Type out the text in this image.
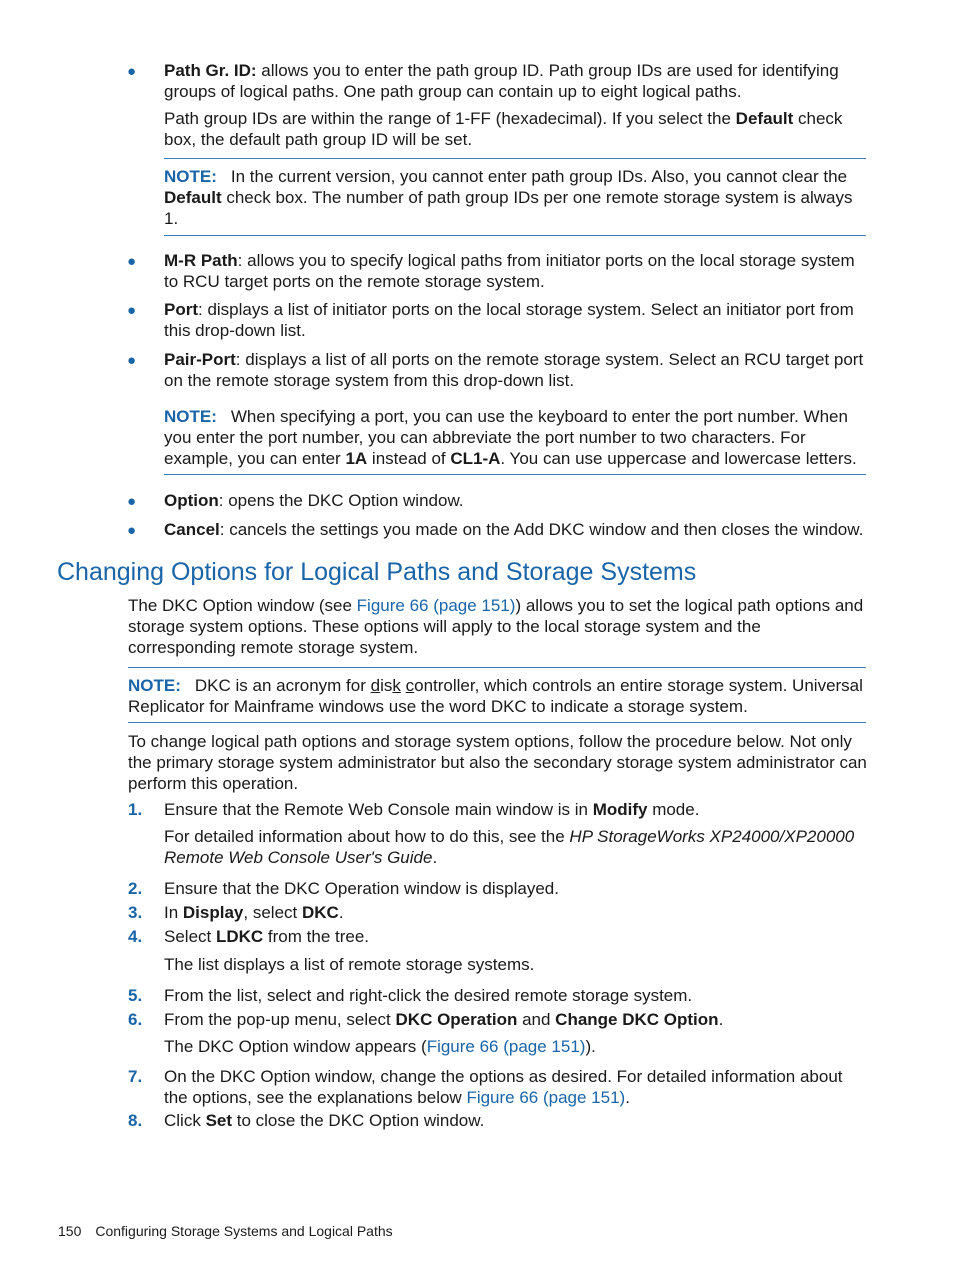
● Path Gr. ID: allows you to enter the path group ID. Path group IDs are used for identifying groups of logical paths. One path group can contain up to eight logical paths.
Path group IDs are within the range of 1-FF (hexadecimal). If you select the Default check box, the default path group ID will be set.
NOTE: In the current version, you cannot enter path group IDs. Also, you cannot clear the Default check box. The number of path group IDs per one remote storage system is always 1.
● M-R Path: allows you to specify logical paths from initiator ports on the local storage system to RCU target ports on the remote storage system.
● Port: displays a list of initiator ports on the local storage system. Select an initiator port from this drop-down list.
● Pair-Port: displays a list of all ports on the remote storage system. Select an RCU target port on the remote storage system from this drop-down list.
NOTE: When specifying a port, you can use the keyboard to enter the port number. When you enter the port number, you can abbreviate the port number to two characters. For example, you can enter 1A instead of CL1-A. You can use uppercase and lowercase letters.
● Option: opens the DKC Option window.
● Cancel: cancels the settings you made on the Add DKC window and then closes the window.
Changing Options for Logical Paths and Storage Systems
The DKC Option window (see Figure 66 (page 151)) allows you to set the logical path options and storage system options. These options will apply to the local storage system and the corresponding remote storage system.
NOTE: DKC is an acronym for disk controller, which controls an entire storage system. Universal Replicator for Mainframe windows use the word DKC to indicate a storage system.
To change logical path options and storage system options, follow the procedure below. Not only the primary storage system administrator but also the secondary storage system administrator can perform this operation.
1. Ensure that the Remote Web Console main window is in Modify mode.
For detailed information about how to do this, see the HP StorageWorks XP24000/XP20000 Remote Web Console User's Guide.
2. Ensure that the DKC Operation window is displayed.
3. In Display, select DKC.
4. Select LDKC from the tree.
The list displays a list of remote storage systems.
5. From the list, select and right-click the desired remote storage system.
6. From the pop-up menu, select DKC Operation and Change DKC Option.
The DKC Option window appears (Figure 66 (page 151)).
7. On the DKC Option window, change the options as desired. For detailed information about the options, see the explanations below Figure 66 (page 151).
8. Click Set to close the DKC Option window.
150 Configuring Storage Systems and Logical Paths
